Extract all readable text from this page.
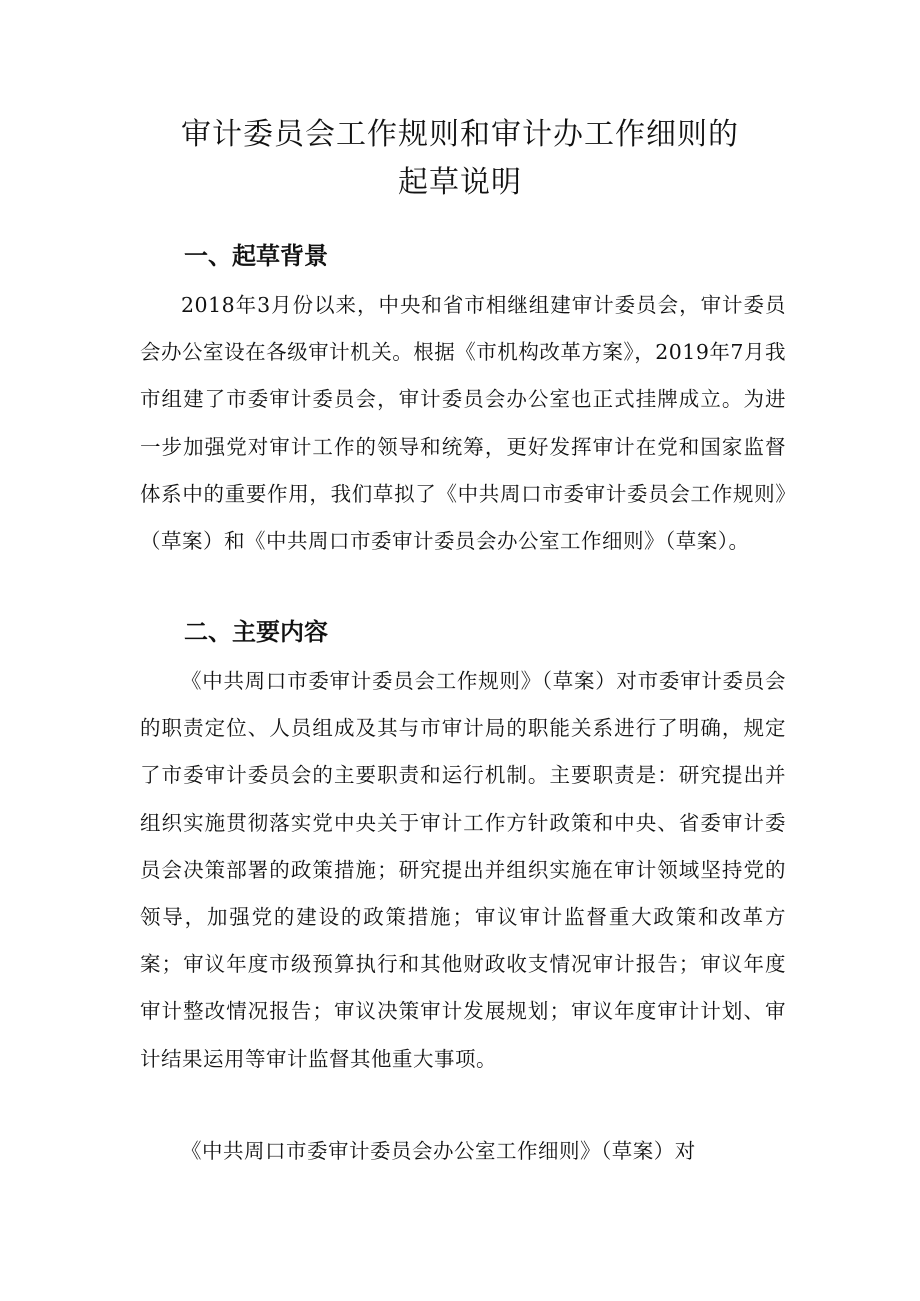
审计委员会工作规则和审计办工作细则的
起草说明
一、起草背景

2018年3月份以来，中央和省市相继组建审计委员会，审计委员会办公室设在各级审计机关。根据《市机构改革方案》，2019年7月我市组建了市委审计委员会，审计委员会办公室也正式挂牌成立。为进一步加强党对审计工作的领导和统筹，更好发挥审计在党和国家监督体系中的重要作用，我们草拟了《中共周口市委审计委员会工作规则》（草案）和《中共周口市委审计委员会办公室工作细则》（草案）。

二、主要内容

《中共周口市委审计委员会工作规则》（草案）对市委审计委员会的职责定位、人员组成及其与市审计局的职能关系进行了明确，规定了市委审计委员会的主要职责和运行机制。主要职责是：研究提出并组织实施贯彻落实党中央关于审计工作方针政策和中央、省委审计委员会决策部署的政策措施；研究提出并组织实施在审计领域坚持党的领导，加强党的建设的政策措施；审议审计监督重大政策和改革方案；审议年度市级预算执行和其他财政收支情况审计报告；审议年度审计整改情况报告；审议决策审计发展规划；审议年度审计计划、审计结果运用等审计监督其他重大事项。

《中共周口市委审计委员会办公室工作细则》（草案）对
